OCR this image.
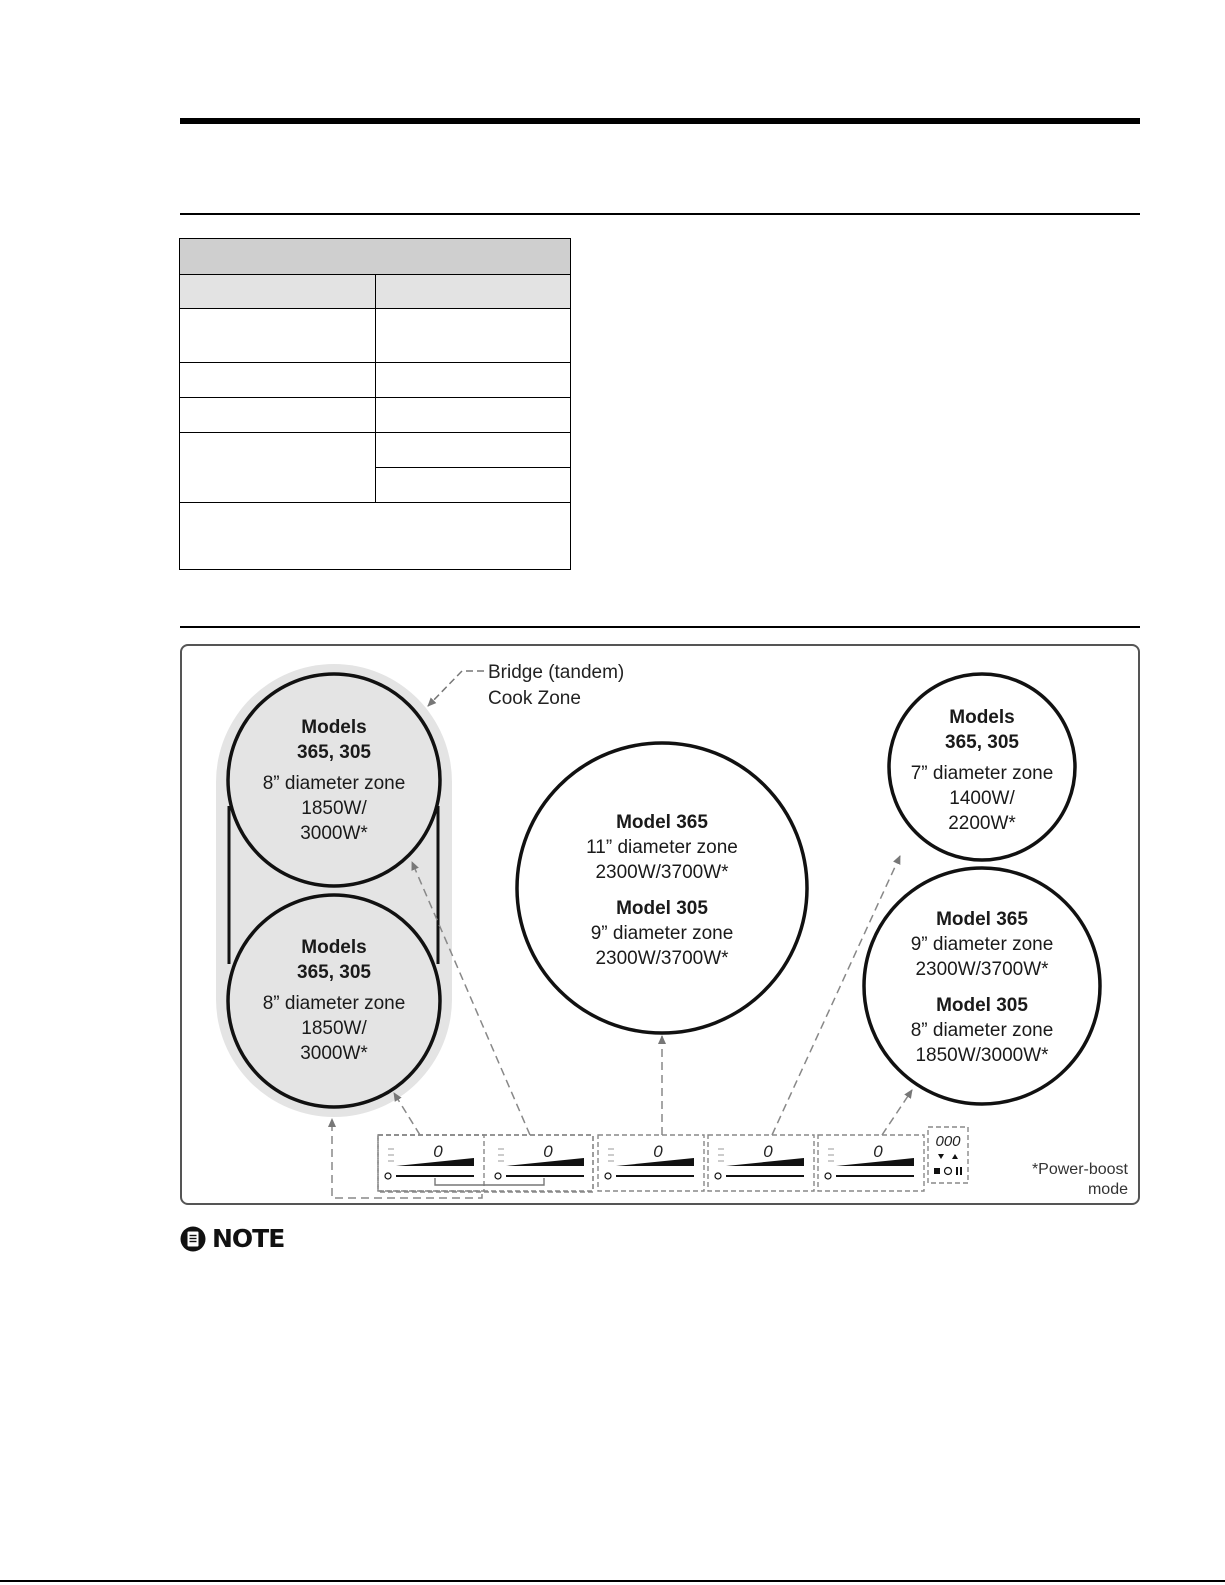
Bridge (tandem)
Cook Zone
Models
365, 305
8” diameter zone
1850W/
3000W*
Models
365, 305
8” diameter zone
1850W/
3000W*
Model 365
11” diameter zone
2300W/3700W*
Model 305
9” diameter zone
2300W/3700W*
Models
365, 305
7” diameter zone
1400W/
2200W*
Model 365
9” diameter zone
2300W/3700W*
Model 305
8” diameter zone
1850W/3000W*
0	0	0	0	0
000
*Power-boost
mode
NOTE
